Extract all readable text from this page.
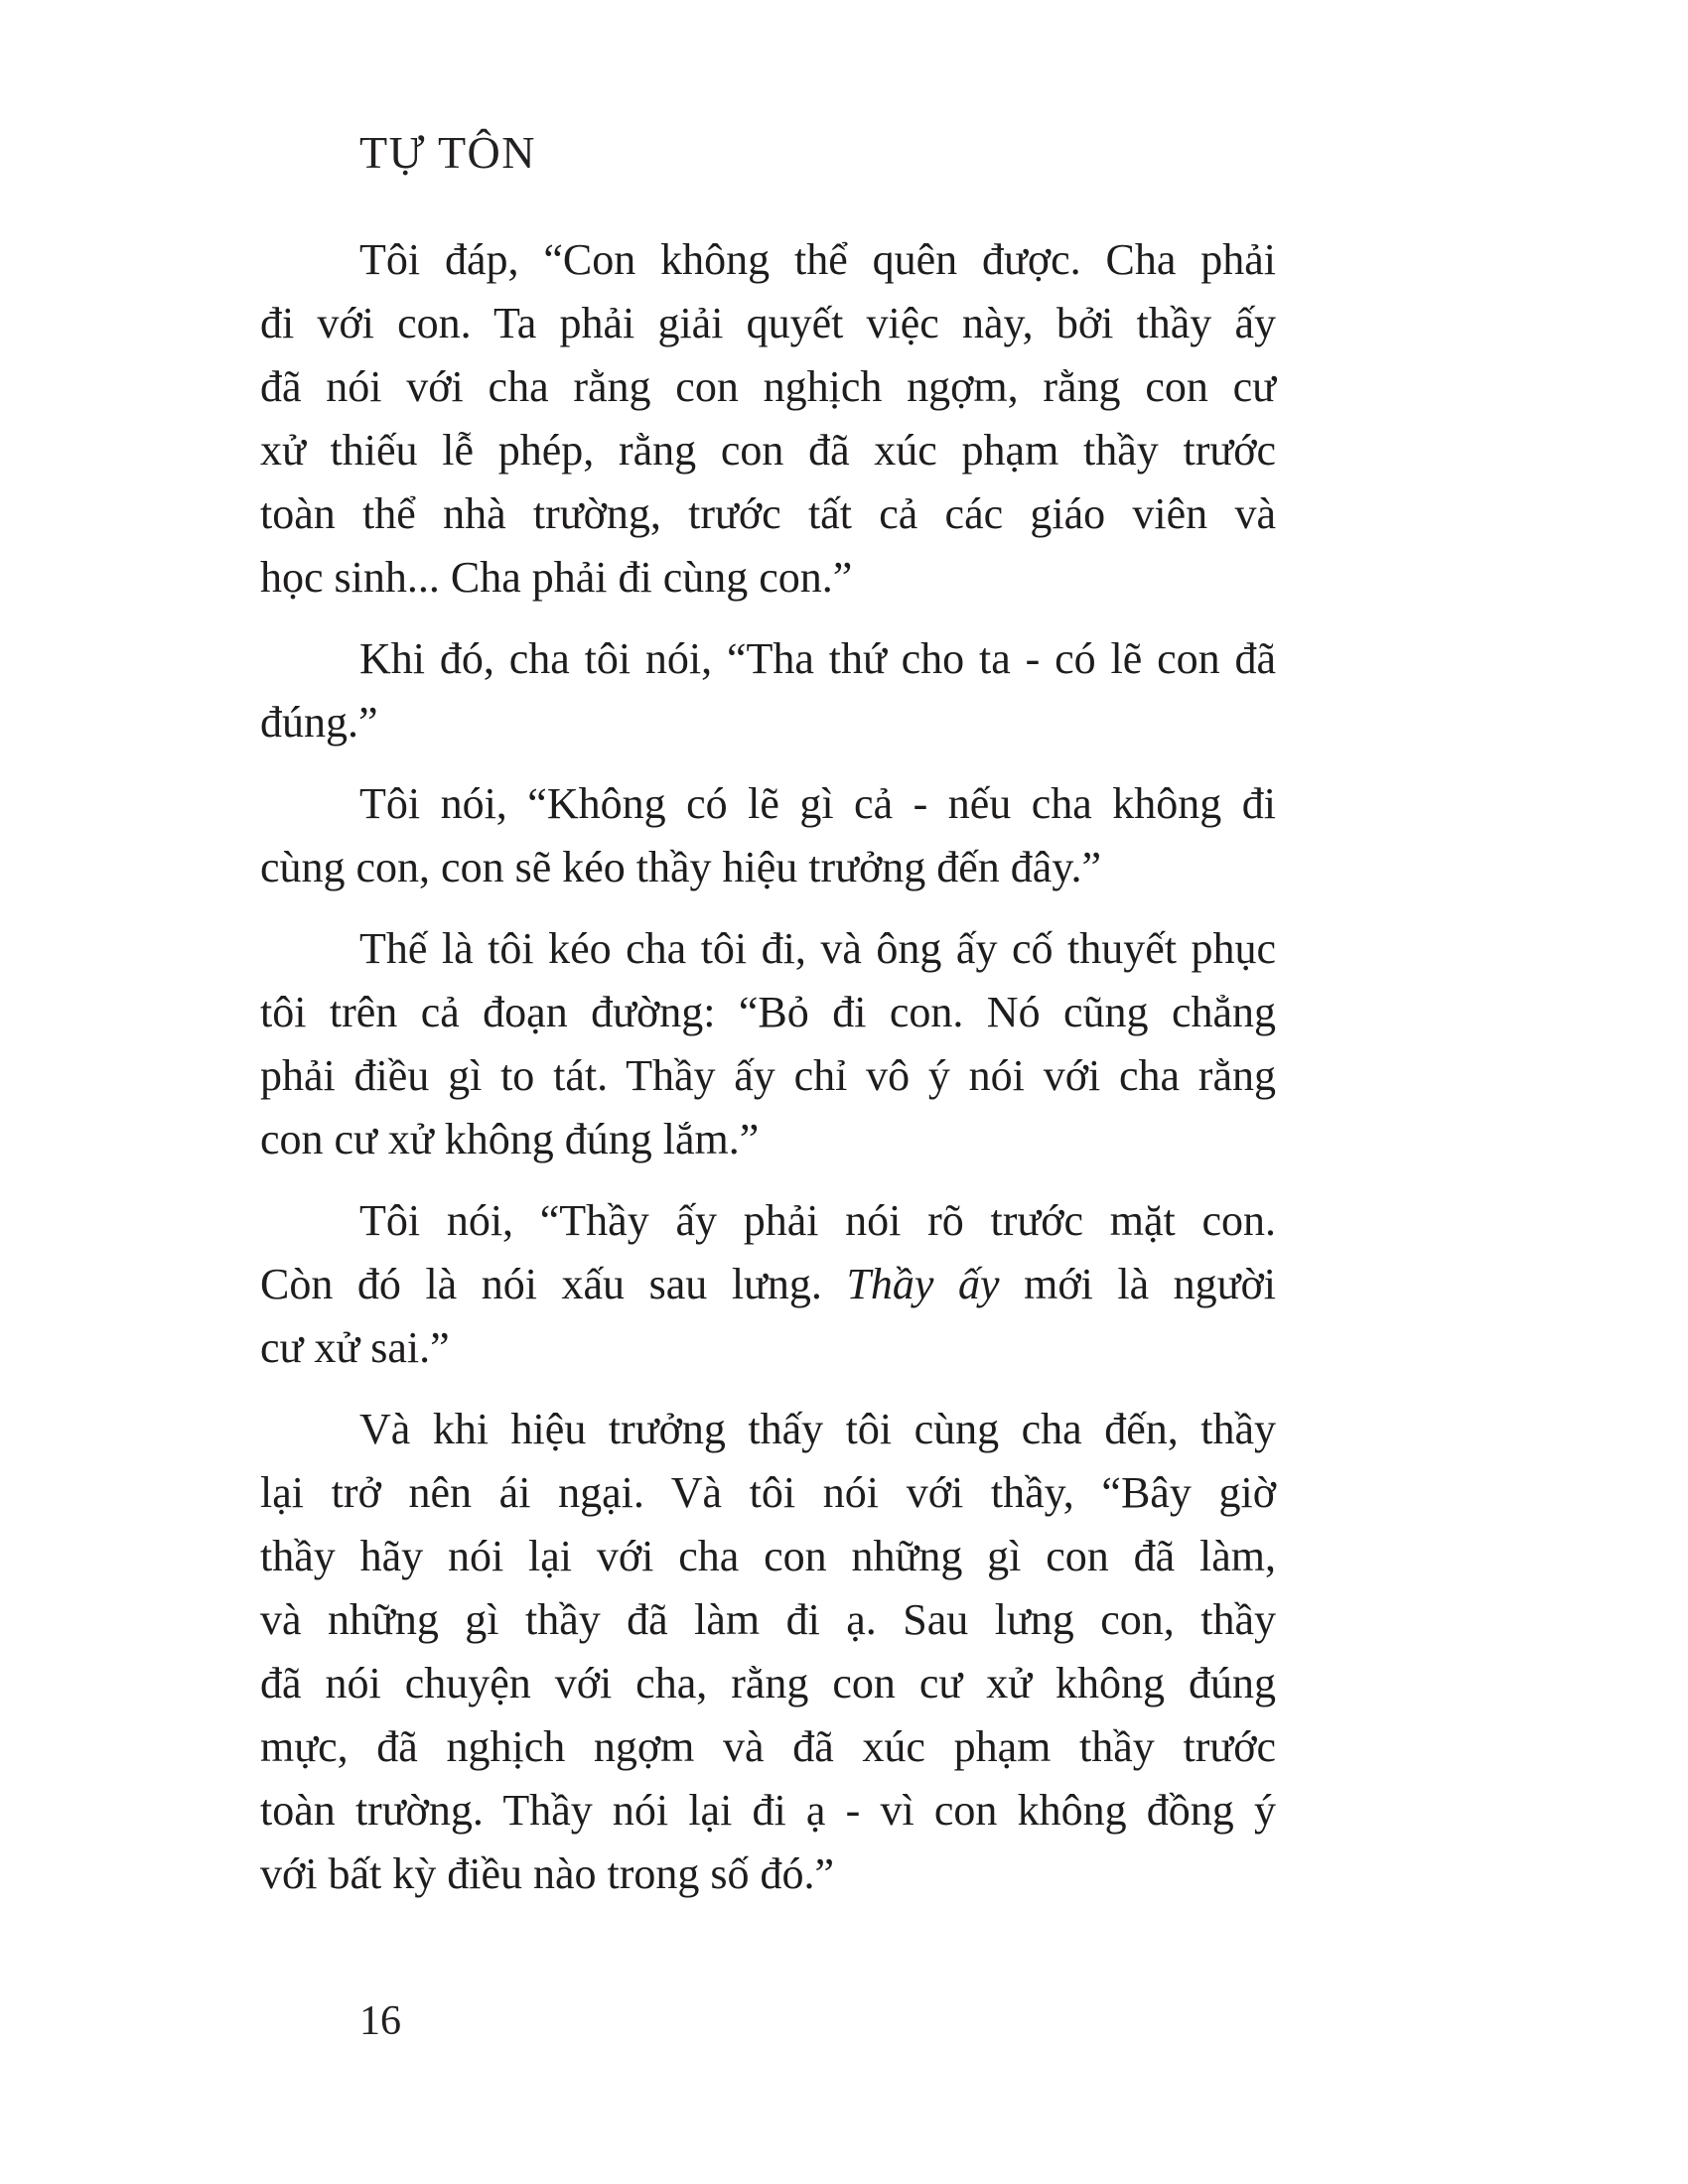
TỰ TÔN
Tôi đáp, “Con không thể quên được. Cha phải
đi với con. Ta phải giải quyết việc này, bởi thầy ấy
đã nói với cha rằng con nghịch ngợm, rằng con cư
xử thiếu lễ phép, rằng con đã xúc phạm thầy trước
toàn thể nhà trường, trước tất cả các giáo viên và
học sinh... Cha phải đi cùng con.”
Khi đó, cha tôi nói, “Tha thứ cho ta - có lẽ con đã
đúng.”
Tôi nói, “Không có lẽ gì cả - nếu cha không đi
cùng con, con sẽ kéo thầy hiệu trưởng đến đây.”
Thế là tôi kéo cha tôi đi, và ông ấy cố thuyết phục
tôi trên cả đoạn đường: “Bỏ đi con. Nó cũng chẳng
phải điều gì to tát. Thầy ấy chỉ vô ý nói với cha rằng
con cư xử không đúng lắm.”
Tôi nói, “Thầy ấy phải nói rõ trước mặt con.
Còn đó là nói xấu sau lưng. Thầy ấy mới là người
cư xử sai.”
Và khi hiệu trưởng thấy tôi cùng cha đến, thầy
lại trở nên ái ngại. Và tôi nói với thầy, “Bây giờ
thầy hãy nói lại với cha con những gì con đã làm,
và những gì thầy đã làm đi ạ. Sau lưng con, thầy
đã nói chuyện với cha, rằng con cư xử không đúng
mực, đã nghịch ngợm và đã xúc phạm thầy trước
toàn trường. Thầy nói lại đi ạ - vì con không đồng ý
với bất kỳ điều nào trong số đó.”
16
